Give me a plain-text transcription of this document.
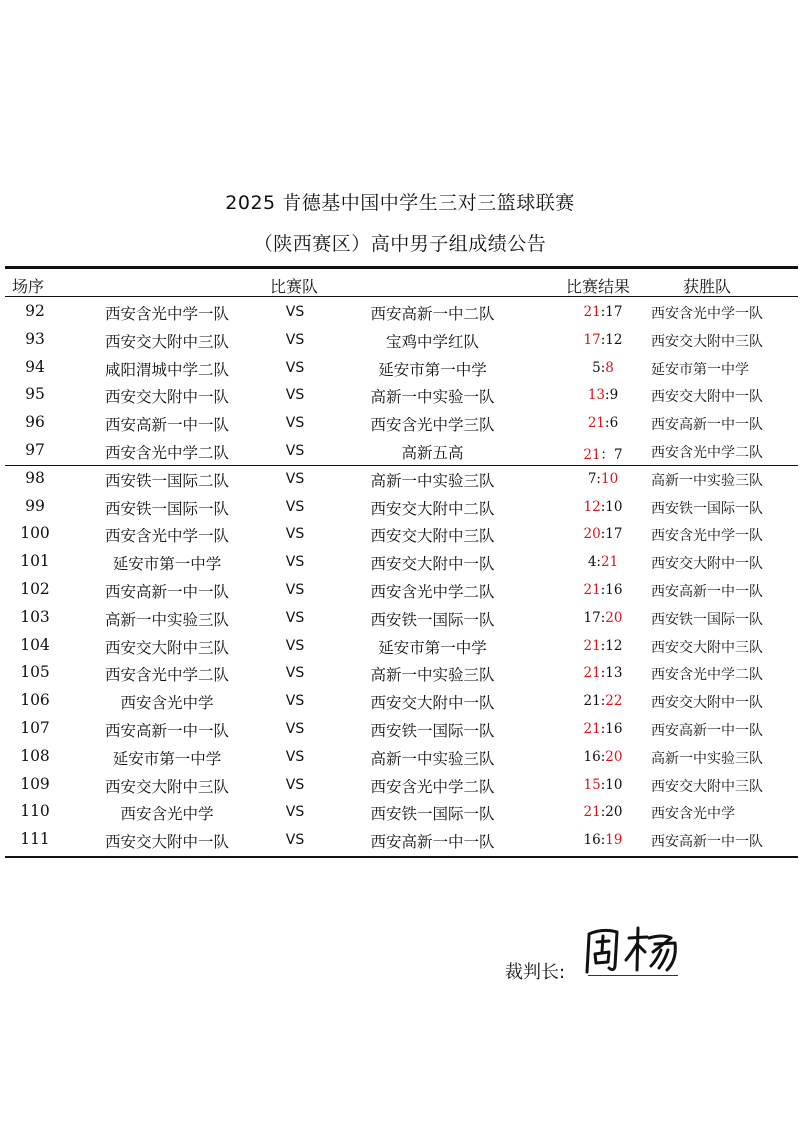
2025 肯德基中国中学生三对三篮球联赛
（陕西赛区）高中男子组成绩公告
场序	比赛队	比赛结果	获胜队
92	西安含光中学一队	VS	西安高新一中二队	21:17	西安含光中学一队
93	西安交大附中三队	VS	宝鸡中学红队	17:12	西安交大附中三队
94	咸阳渭城中学二队	VS	延安市第一中学	5:8	延安市第一中学
95	西安交大附中一队	VS	高新一中实验一队	13:9	西安交大附中一队
96	西安高新一中一队	VS	西安含光中学三队	21:6	西安高新一中一队
97	西安含光中学二队	VS	高新五高	21：7	西安含光中学二队
98	西安铁一国际二队	VS	高新一中实验三队	7:10	高新一中实验三队
99	西安铁一国际一队	VS	西安交大附中二队	12:10	西安铁一国际一队
100	西安含光中学一队	VS	西安交大附中三队	20:17	西安含光中学一队
101	延安市第一中学	VS	西安交大附中一队	4:21	西安交大附中一队
102	西安高新一中一队	VS	西安含光中学二队	21:16	西安高新一中一队
103	高新一中实验三队	VS	西安铁一国际一队	17:20	西安铁一国际一队
104	西安交大附中三队	VS	延安市第一中学	21:12	西安交大附中三队
105	西安含光中学二队	VS	高新一中实验三队	21:13	西安含光中学二队
106	西安含光中学	VS	西安交大附中一队	21:22	西安交大附中一队
107	西安高新一中一队	VS	西安铁一国际一队	21:16	西安高新一中一队
108	延安市第一中学	VS	高新一中实验三队	16:20	高新一中实验三队
109	西安交大附中三队	VS	西安含光中学二队	15:10	西安交大附中三队
110	西安含光中学	VS	西安铁一国际一队	21:20	西安含光中学
111	西安交大附中一队	VS	西安高新一中一队	16:19	西安高新一中一队
裁判长:
